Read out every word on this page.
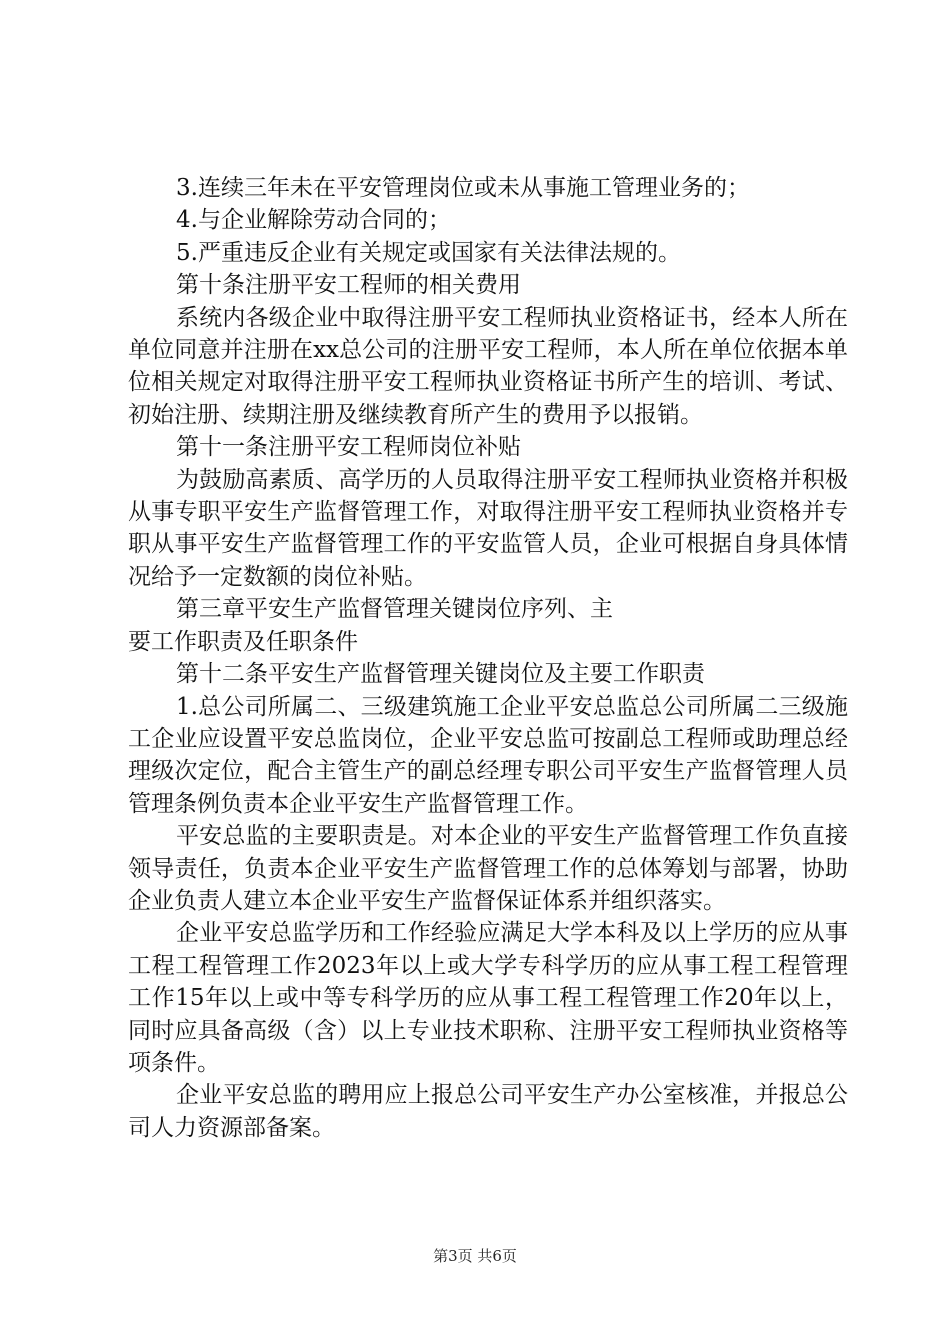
3.连续三年未在平安管理岗位或未从事施工管理业务的；

4.与企业解除劳动合同的；

5.严重违反企业有关规定或国家有关法律法规的。

第十条注册平安工程师的相关费用

系统内各级企业中取得注册平安工程师执业资格证书，经本人所在单位同意并注册在xx总公司的注册平安工程师，本人所在单位依据本单位相关规定对取得注册平安工程师执业资格证书所产生的培训、考试、初始注册、续期注册及继续教育所产生的费用予以报销。

第十一条注册平安工程师岗位补贴

为鼓励高素质、高学历的人员取得注册平安工程师执业资格并积极从事专职平安生产监督管理工作，对取得注册平安工程师执业资格并专职从事平安生产监督管理工作的平安监管人员，企业可根据自身具体情况给予一定数额的岗位补贴。

第三章平安生产监督管理关键岗位序列、主

要工作职责及任职条件

第十二条平安生产监督管理关键岗位及主要工作职责

1.总公司所属二、三级建筑施工企业平安总监总公司所属二三级施工企业应设置平安总监岗位，企业平安总监可按副总工程师或助理总经理级次定位，配合主管生产的副总经理专职公司平安生产监督管理人员管理条例负责本企业平安生产监督管理工作。

平安总监的主要职责是。对本企业的平安生产监督管理工作负直接领导责任，负责本企业平安生产监督管理工作的总体筹划与部署，协助企业负责人建立本企业平安生产监督保证体系并组织落实。

企业平安总监学历和工作经验应满足大学本科及以上学历的应从事工程工程管理工作2023年以上或大学专科学历的应从事工程工程管理工作15年以上或中等专科学历的应从事工程工程管理工作20年以上，同时应具备高级（含）以上专业技术职称、注册平安工程师执业资格等项条件。

企业平安总监的聘用应上报总公司平安生产办公室核准，并报总公司人力资源部备案。

第3页 共6页
